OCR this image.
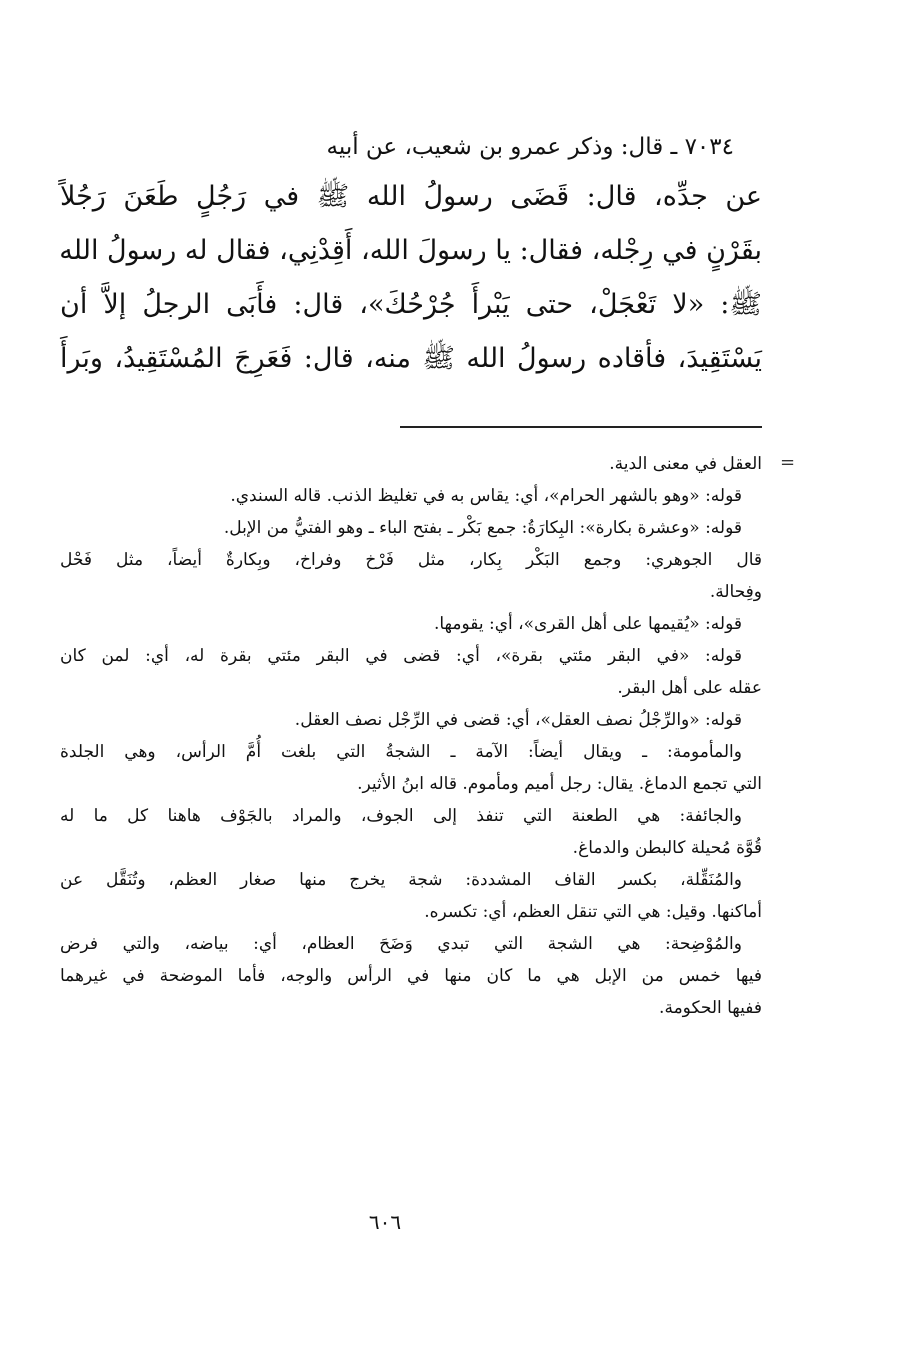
٧٠٣٤ ـ قال: وذكر عمرو بن شعيب، عن أبيه

عن جدِّه، قال: قَضَى رسولُ الله ﷺ في رَجُلٍ طَعَنَ رَجُلاً

بقَرْنٍ في رِجْله، فقال: يا رسولَ الله، أَقِدْنِي، فقال له رسولُ الله

ﷺ: «لا تَعْجَلْ، حتى يَبْرأَ جُرْحُكَ»، قال: فأَبَى الرجلُ إلاَّ أن

يَسْتَقِيدَ، فأقاده رسولُ الله ﷺ منه، قال: فَعَرِجَ المُسْتَقِيدُ، وبَرأَ

=

العقل في معنى الدية.

قوله: «وهو بالشهر الحرام»، أي: يقاس به في تغليظ الذنب. قاله السندي.

قوله: «وعشرة بكارة»: البِكارَةُ: جمع بَكْر ـ بفتح الباء ـ وهو الفتيُّ من الإبل.

قال الجوهري: وجمع البَكْر بِكار، مثل فَرْخ وفراخ، وبِكارةٌ أيضاً، مثل فَحْل

وفِحالة.

قوله: «يُقيمها على أهل القرى»، أي: يقومها.

قوله: «في البقر مئتي بقرة»، أي: قضى في البقر مئتي بقرة له، أي: لمن كان

عقله على أهل البقر.

قوله: «والرِّجْلُ نصف العقل»، أي: قضى في الرِّجْل نصف العقل.

والمأمومة: ـ ويقال أيضاً: الآمة ـ الشجةُ التي بلغت أُمَّ الرأس، وهي الجلدة

التي تجمع الدماغ. يقال: رجل أميم ومأموم. قاله ابنُ الأثير.

والجائفة: هي الطعنة التي تنفذ إلى الجوف، والمراد بالجَوْف هاهنا كل ما له

قُوَّة مُحيلة كالبطن والدماغ.

والمُنَقِّلة، بكسر القاف المشددة: شجة يخرج منها صغار العظم، وتُنَقَّل عن

أماكنها. وقيل: هي التي تنقل العظم، أي: تكسره.

والمُوْضِحة: هي الشجة التي تبدي وَضَحَ العظام، أي: بياضه، والتي فرض

فيها خمس من الإبل هي ما كان منها في الرأس والوجه، فأما الموضحة في غيرهما

ففيها الحكومة.

٦٠٦
